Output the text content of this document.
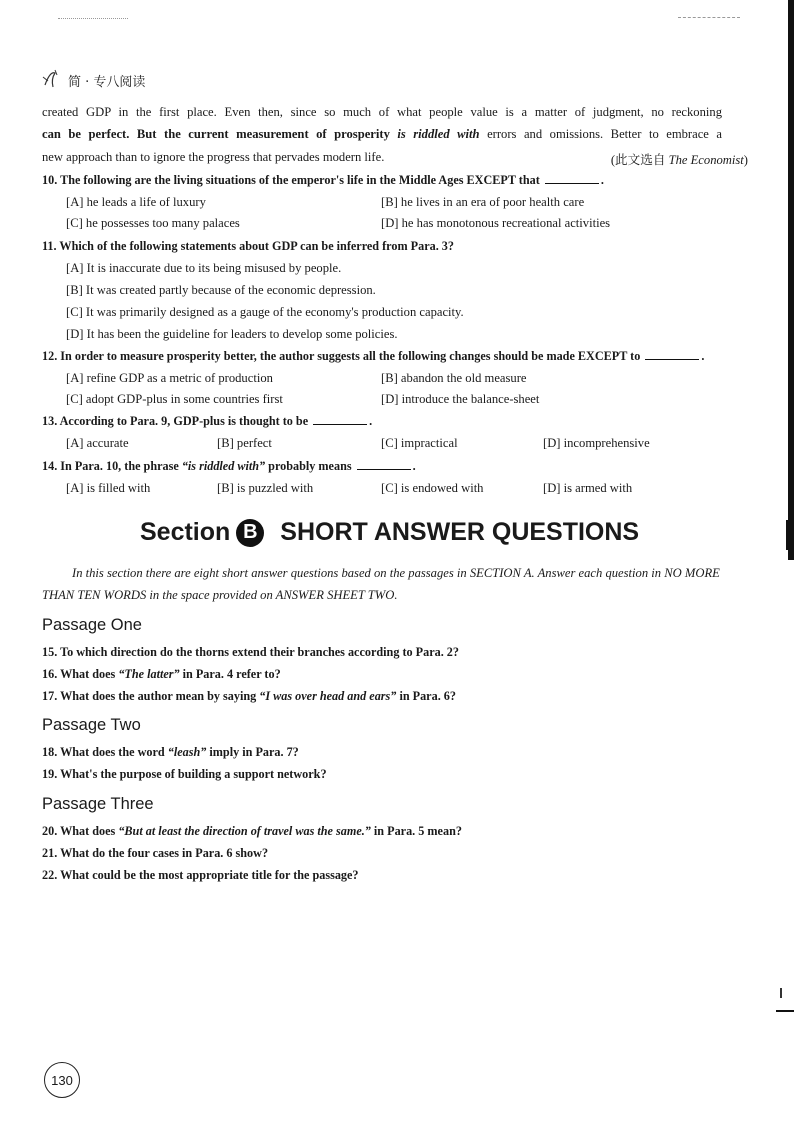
简 · 专八阅读
created GDP in the first place. Even then, since so much of what people value is a matter of judgment, no reckoning
can be perfect. But the current measurement of prosperity is riddled with errors and omissions. Better to embrace a
new approach than to ignore the progress that pervades modern life.	(此文选自 The Economist)
10. The following are the living situations of the emperor's life in the Middle Ages EXCEPT that	.
[A] he leads a life of luxury	[B] he lives in an era of poor health care
[C] he possesses too many palaces	[D] he has monotonous recreational activities
11. Which of the following statements about GDP can be inferred from Para. 3?
[A] It is inaccurate due to its being misused by people.
[B] It was created partly because of the economic depression.
[C] It was primarily designed as a gauge of the economy's production capacity.
[D] It has been the guideline for leaders to develop some policies.
12. In order to measure prosperity better, the author suggests all the following changes should be made EXCEPT to	.
[A] refine GDP as a metric of production	[B] abandon the old measure
[C] adopt GDP-plus in some countries first	[D] introduce the balance-sheet
13. According to Para. 9, GDP-plus is thought to be	.
[A] accurate	[B] perfect	[C] impractical	[D] incomprehensive
14. In Para. 10, the phrase “is riddled with” probably means	.
[A] is filled with	[B] is puzzled with	[C] is endowed with	[D] is armed with
Section B SHORT ANSWER QUESTIONS
In this section there are eight short answer questions based on the passages in SECTION A. Answer each question in NO MORE THAN TEN WORDS in the space provided on ANSWER SHEET TWO.
Passage One
15. To which direction do the thorns extend their branches according to Para. 2?
16. What does “The latter” in Para. 4 refer to?
17. What does the author mean by saying “I was over head and ears” in Para. 6?
Passage Two
18. What does the word “leash” imply in Para. 7?
19. What's the purpose of building a support network?
Passage Three
20. What does “But at least the direction of travel was the same.” in Para. 5 mean?
21. What do the four cases in Para. 6 show?
22. What could be the most appropriate title for the passage?
130
